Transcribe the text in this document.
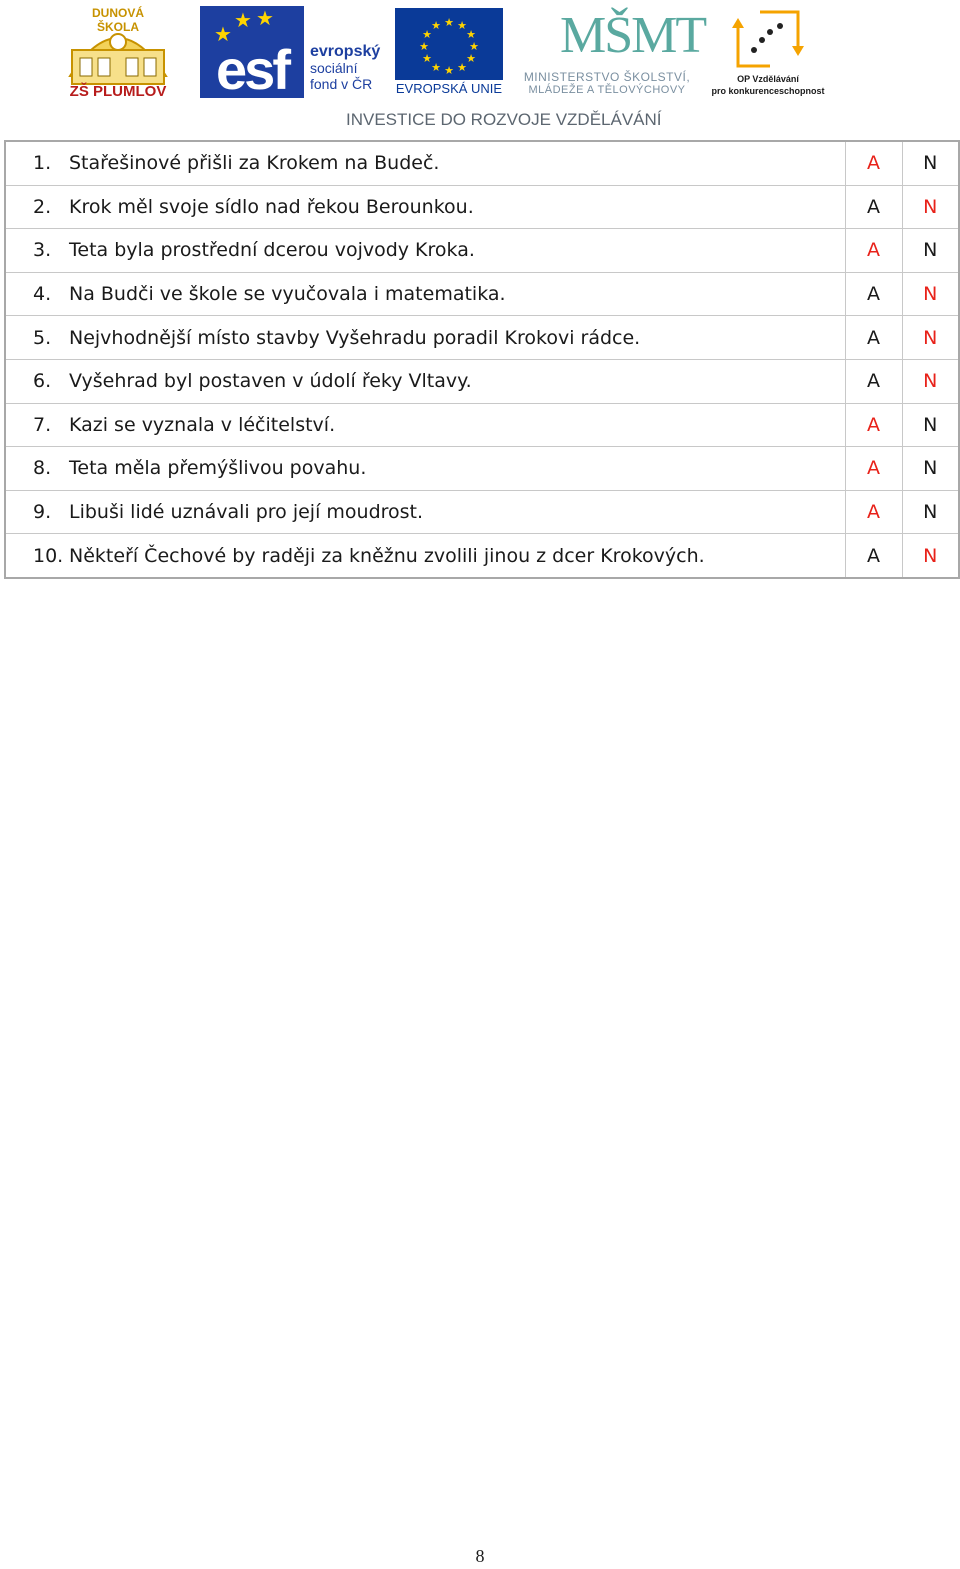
DUNOVÁ ŠKOLA
ZŠ PLUMLOV
★
★ ★
esf	evropský
sociální
fond v ČR
★ ★
★
★
★
★
★
★
★
★
★
★
EVROPSKÁ UNIE
MŠMT
MINISTERSTVO ŠKOLSTVÍ,
MLÁDEŽE A TĚLOVÝCHOVY
OP Vzdělávání
pro konkurenceschopnost
INVESTICE DO ROZVOJE VZDĚLÁVÁNÍ
1. Stařešinové přišli za Krokem na Budeč.	A	N
2. Krok měl svoje sídlo nad řekou Berounkou.	A	N
3. Teta byla prostřední dcerou vojvody Kroka.	A	N
4. Na Budči ve škole se vyučovala i matematika.	A	N
5. Nejvhodnější místo stavby Vyšehradu poradil Krokovi rádce.	A	N
6. Vyšehrad byl postaven v údolí řeky Vltavy.	A	N
7. Kazi se vyznala v léčitelství.	A	N
8. Teta měla přemýšlivou povahu.	A	N
9. Libuši lidé uznávali pro její moudrost.	A	N
10. Někteří Čechové by raději za kněžnu zvolili jinou z dcer Krokových.	A	N
8
